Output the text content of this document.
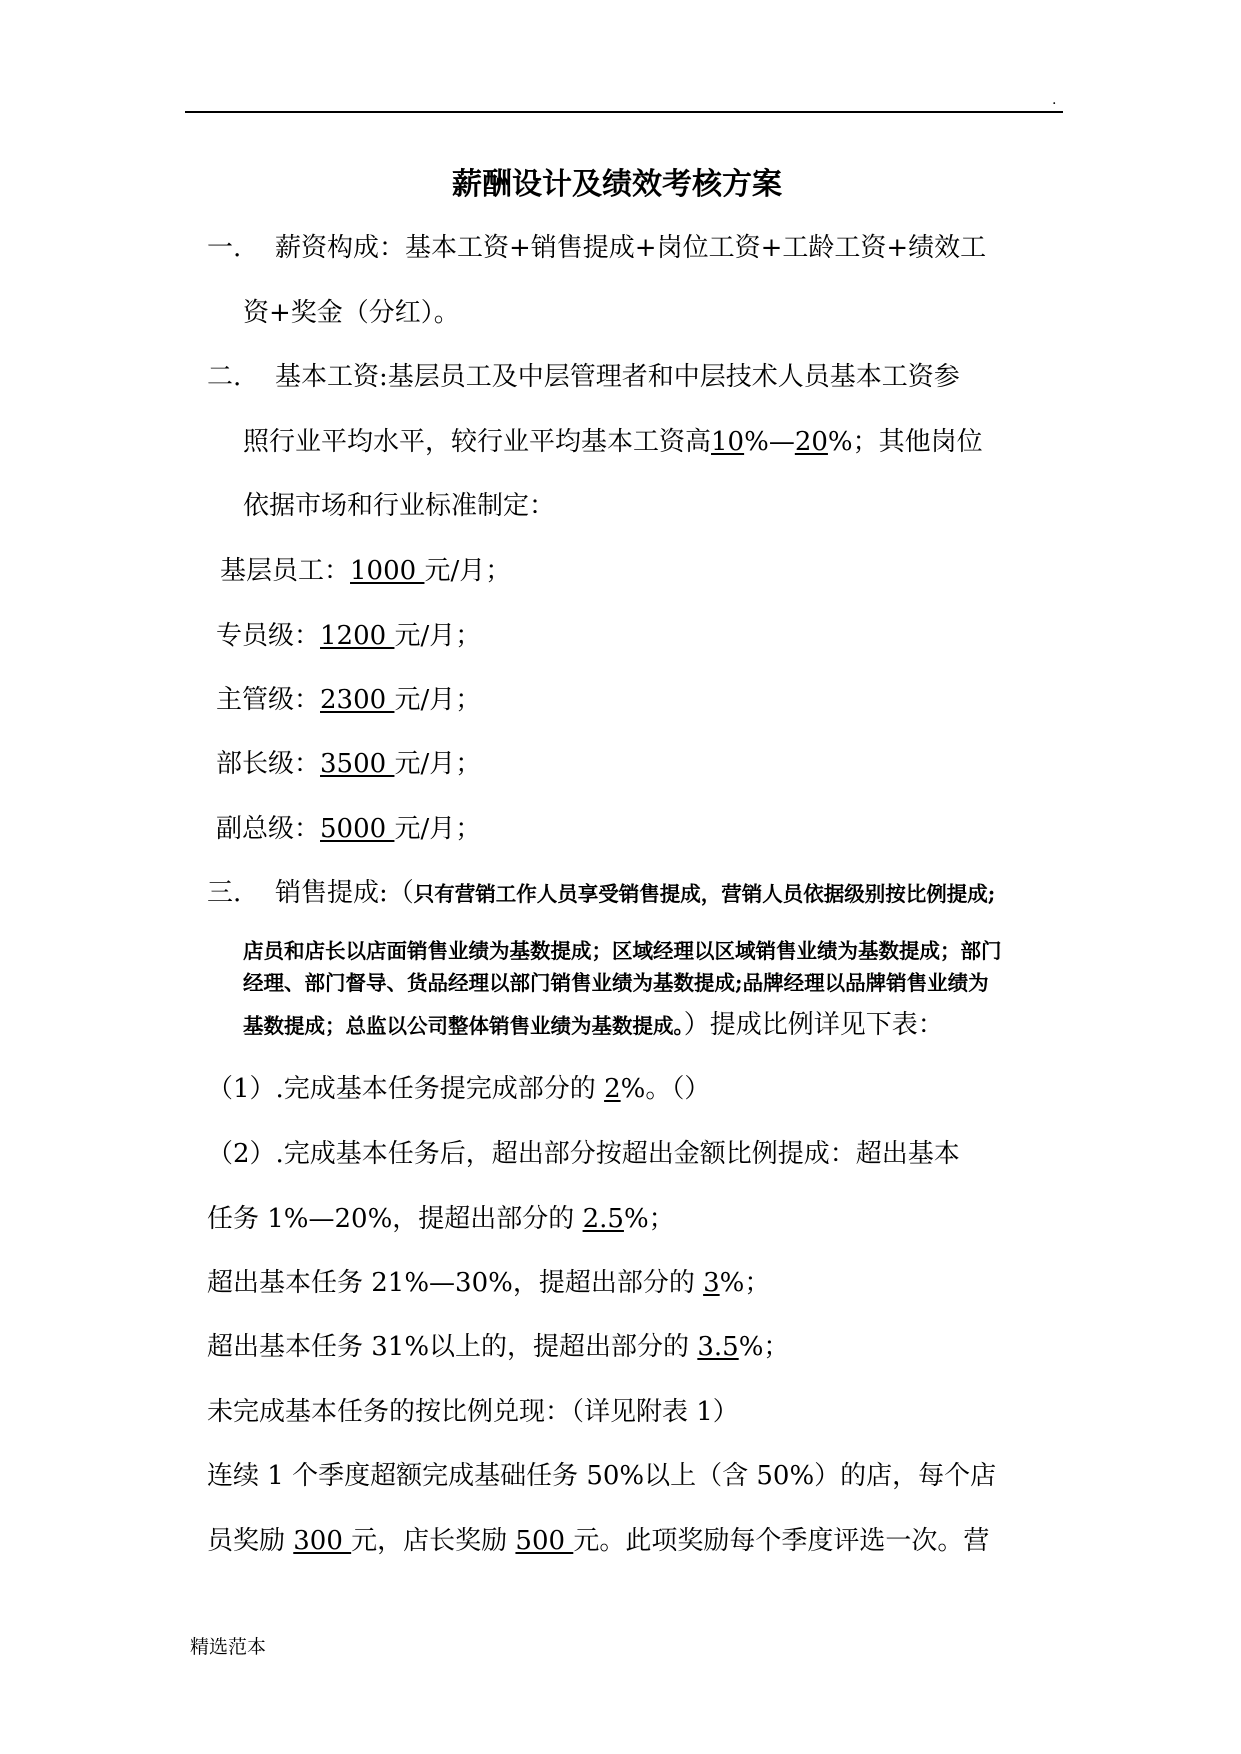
.
薪酬设计及绩效考核方案
一. 薪资构成：基本工资+销售提成+岗位工资+工龄工资+绩效工
资+奖金（分红）。
二. 基本工资:基层员工及中层管理者和中层技术人员基本工资参
照行业平均水平，较行业平均基本工资高10%—20%；其他岗位
依据市场和行业标准制定：
基层员工：1000 元/月；
专员级：1200 元/月；
主管级：2300 元/月；
部长级：3500 元/月；
副总级：5000 元/月；
三. 销售提成:（只有营销工作人员享受销售提成，营销人员依据级别按比例提成;
店员和店长以店面销售业绩为基数提成；区域经理以区域销售业绩为基数提成；部门
经理、部门督导、货品经理以部门销售业绩为基数提成;品牌经理以品牌销售业绩为
基数提成；总监以公司整体销售业绩为基数提成。）提成比例详见下表：
（1）.完成基本任务提完成部分的 2%。（）
（2）.完成基本任务后，超出部分按超出金额比例提成：超出基本
任务 1%—20%，提超出部分的 2.5%；
超出基本任务 21%—30%，提超出部分的 3%；
超出基本任务 31%以上的，提超出部分的 3.5%；
未完成基本任务的按比例兑现：（详见附表 1）
连续 1 个季度超额完成基础任务 50%以上（含 50%）的店，每个店
员奖励 300 元，店长奖励 500 元。此项奖励每个季度评选一次。营
精选范本
